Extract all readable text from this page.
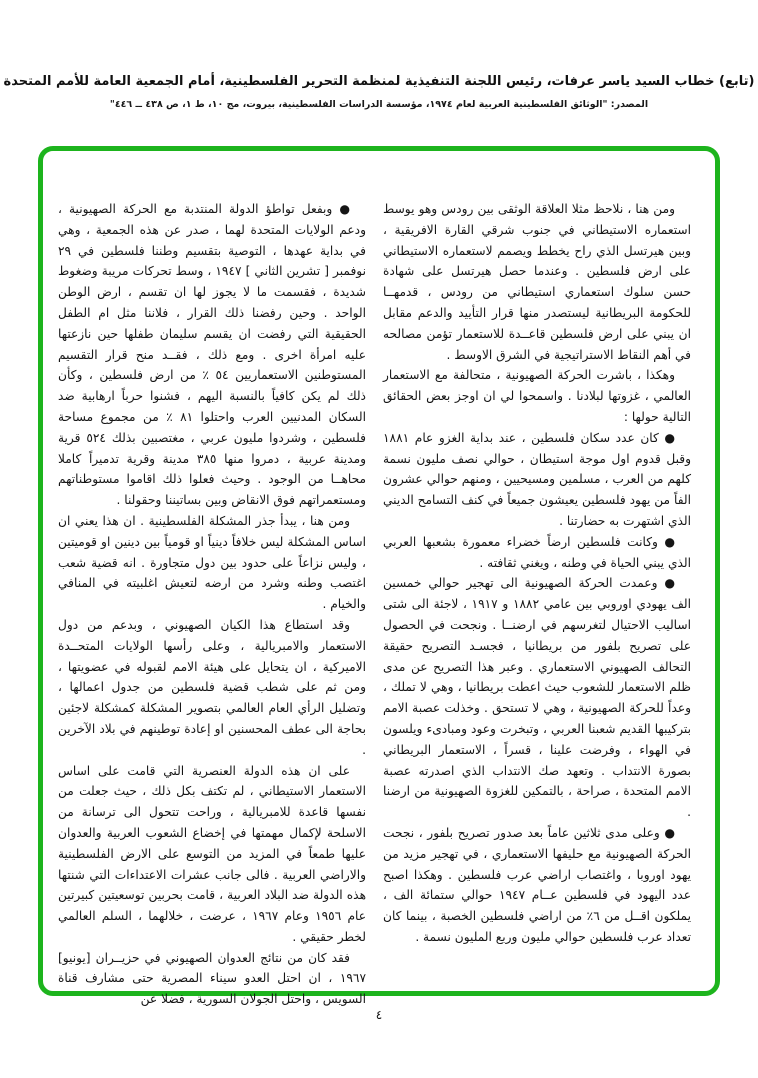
(تابع) خطاب السيد ياسر عرفات، رئيس اللجنة التنفيذية لمنظمة التحرير الفلسطينية، أمام الجمعية العامة للأمم المتحدة
المصدر: "الوثائق الفلسطينية العربية لعام ١٩٧٤، مؤسسة الدراسات الفلسطينية، بيروت، مج ١٠، ط ١، ص ٤٣٨ ــ ٤٤٦"

ومن هنا ، نلاحظ مثلا العلاقة الوثقى بين رودس وهو يوسط استعماره الاستيطاني في جنوب شرقي القارة الافريقية ، وبين هيرتسل الذي راح يخطط ويصمم لاستعماره الاستيطاني على ارض فلسطين . وعندما حصل هيرتسل على شهادة حسن سلوك استعماري استيطاني من رودس ، قدمهــا للحكومة البريطانية ليستصدر منها قرار التأييد والدعم مقابل ان يبني على ارض فلسطين قاعــدة للاستعمار تؤمن مصالحه في أهم النقاط الاستراتيجية في الشرق الاوسط .

وهكذا ، باشرت الحركة الصهيونية ، متحالفة مع الاستعمار العالمي ، غزوتها لبلادنا . واسمحوا لي ان اوجز بعض الحقائق التالية حولها :

● كان عدد سكان فلسطين ، عند بداية الغزو عام ١٨٨١ وقبل قدوم اول موجة استيطان ، حوالي نصف مليون نسمة كلهم من العرب ، مسلمين ومسيحيين ، ومنهم حوالي عشرون الفاً من يهود فلسطين يعيشون جميعاً في كنف التسامح الديني الذي اشتهرت به حضارتنا .

● وكانت فلسطين ارضاً خضراء معمورة بشعبها العربي الذي يبني الحياة في وطنه ، ويغني ثقافته .

● وعمدت الحركة الصهيونية الى تهجير حوالي خمسين الف يهودي اوروبي بين عامي ١٨٨٢ و ١٩١٧ ، لاجئة الى شتى اساليب الاحتيال لتغرسهم في ارضنــا . ونجحت في الحصول على تصريح بلفور من بريطانيا ، فجسـد التصريح حقيقة التحالف الصهيوني الاستعماري . وعبر هذا التصريح عن مدى ظلم الاستعمار للشعوب حيث اعطت بريطانيا ، وهي لا تملك ، وعداً للحركة الصهيونية ، وهي لا تستحق . وخذلت عصبة الامم بتركيبها القديم شعبنا العربي ، وتبخرت وعود ومبادىء ويلسون في الهواء ، وفرضت علينا ، قسراً ، الاستعمار البريطاني بصورة الانتداب . وتعهد صك الانتداب الذي اصدرته عصبة الامم المتحدة ، صراحة ، بالتمكين للغزوة الصهيونية من ارضنا .

● وعلى مدى ثلاثين عاماً بعد صدور تصريح بلفور ، نجحت الحركة الصهيونية مع حليفها الاستعماري ، في تهجير مزيد من يهود اوروبا ، واغتصاب اراضي عرب فلسطين . وهكذا اصبح عدد اليهود في فلسطين عــام ١٩٤٧ حوالي ستمائة الف ، يملكون اقــل من ٦٪ من اراضي فلسطين الخصبة ، بينما كان تعداد عرب فلسطين حوالي مليون وربع المليون نسمة .

● وبفعل تواطؤ الدولة المنتدبة مع الحركة الصهيونية ، ودعم الولايات المتحدة لهما ، صدر عن هذه الجمعية ، وهي في بداية عهدها ، التوصية بتقسيم وطننا فلسطين في ٢٩ نوفمبر [ تشرين الثاني ] ١٩٤٧ ، وسط تحركات مريبة وضغوط شديدة ، فقسمت ما لا يجوز لها ان تقسم ، ارض الوطن الواحد . وحين رفضنا ذلك القرار ، فلاننا مثل ام الطفل الحقيقية التي رفضت ان يقسم سليمان طفلها حين نازعتها عليه امرأة اخرى . ومع ذلك ، فقــد منح قرار التقسيم المستوطنين الاستعماريين ٥٤ ٪ من ارض فلسطين ، وكأن ذلك لم يكن كافياً بالنسبة اليهم ، فشنوا حرباً ارهابية ضد السكان المدنيين العرب واحتلوا ٨١ ٪ من مجموع مساحة فلسطين ، وشردوا مليون عربي ، مغتصبين بذلك ٥٢٤ قرية ومدينة عربية ، دمروا منها ٣٨٥ مدينة وقرية تدميراً كاملا محاهــا من الوجود . وحيث فعلوا ذلك اقاموا مستوطناتهم ومستعمراتهم فوق الانقاض وبين بساتيننا وحقولنا .

ومن هنا ، يبدأ جذر المشكلة الفلسطينية . ان هذا يعني ان اساس المشكلة ليس خلافاً دينياً او قومياً بين دينين او قوميتين ، وليس نزاعاً على حدود بين دول متجاورة . انه قضية شعب اغتصب وطنه وشرد من ارضه لتعيش اغلبيته في المنافي والخيام .

وقد استطاع هذا الكيان الصهيوني ، وبدعم من دول الاستعمار والامبريالية ، وعلى رأسها الولايات المتحــدة الاميركية ، ان يتحايل على هيئة الامم لقبوله في عضويتها ، ومن ثم على شطب قضية فلسطين من جدول اعمالها ، وتضليل الرأي العام العالمي بتصوير المشكلة كمشكلة لاجئين بحاجة الى عطف المحسنين او إعادة توطينهم في بلاد الآخرين .

على ان هذه الدولة العنصرية التي قامت على اساس الاستعمار الاستيطاني ، لم تكتف بكل ذلك ، حيث جعلت من نفسها قاعدة للامبريالية ، وراحت تتحول الى ترسانة من الاسلحة لإكمال مهمتها في إخضاع الشعوب العربية والعدوان عليها طمعاً في المزيد من التوسع على الارض الفلسطينية والاراضي العربية . فالى جانب عشرات الاعتداءات التي شنتها هذه الدولة ضد البلاد العربية ، قامت بحربين توسعيتين كبيرتين عام ١٩٥٦ وعام ١٩٦٧ ، عرضت ، خلالهما ، السلم العالمي لخطر حقيقي .

فقد كان من نتائج العدوان الصهيوني في حزيــران [يونيو] ١٩٦٧ ، ان احتل العدو سيناء المصرية حتى مشارف قناة السويس ، واحتل الجولان السورية ، فضلا عن

٤
